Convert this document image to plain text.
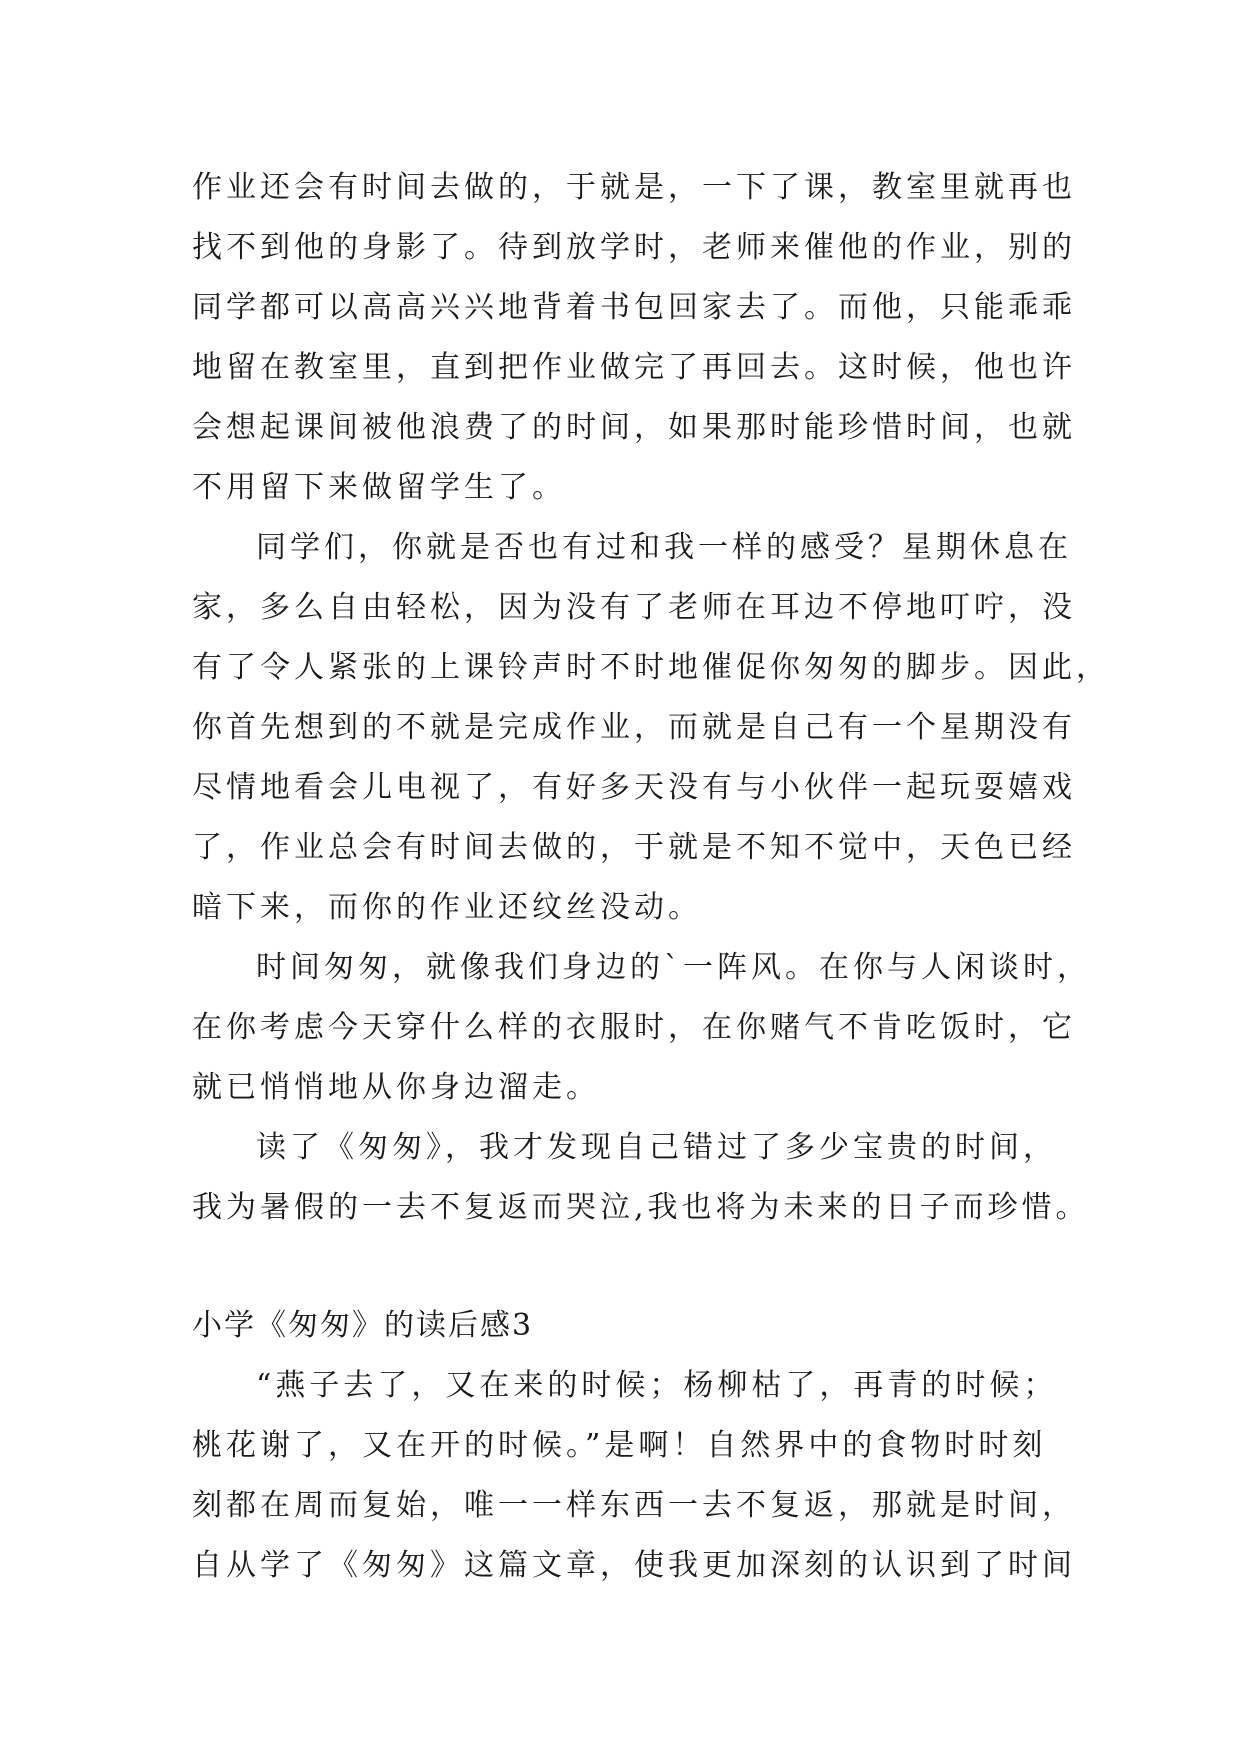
作业还会有时间去做的，于就是，一下了课，教室里就再也
找不到他的身影了。待到放学时，老师来催他的作业，别的
同学都可以高高兴兴地背着书包回家去了。而他，只能乖乖
地留在教室里，直到把作业做完了再回去。这时候，他也许
会想起课间被他浪费了的时间，如果那时能珍惜时间，也就
不用留下来做留学生了。
同学们，你就是否也有过和我一样的感受？星期休息在
家，多么自由轻松，因为没有了老师在耳边不停地叮咛，没
有了令人紧张的上课铃声时不时地催促你匆匆的脚步。因此，
你首先想到的不就是完成作业，而就是自己有一个星期没有
尽情地看会儿电视了，有好多天没有与小伙伴一起玩耍嬉戏
了，作业总会有时间去做的，于就是不知不觉中，天色已经
暗下来，而你的作业还纹丝没动。
时间匆匆，就像我们身边的`一阵风。在你与人闲谈时，
在你考虑今天穿什么样的衣服时，在你赌气不肯吃饭时，它
就已悄悄地从你身边溜走。
读了《匆匆》，我才发现自己错过了多少宝贵的时间，
我为暑假的一去不复返而哭泣,我也将为未来的日子而珍惜。
小学《匆匆》的读后感3
“燕子去了，又在来的时候；杨柳枯了，再青的时候；
桃花谢了，又在开的时候。”是啊！自然界中的食物时时刻
刻都在周而复始，唯一一样东西一去不复返，那就是时间，
自从学了《匆匆》这篇文章，使我更加深刻的认识到了时间
